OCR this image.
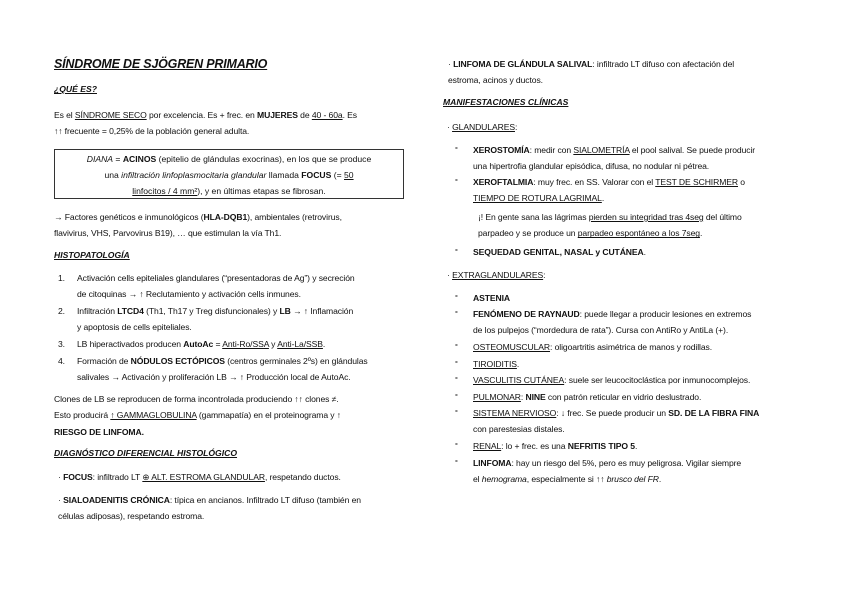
SÍNDROME DE SJÖGREN PRIMARIO
¿QUÉ ES?
Es el SÍNDROME SECO por excelencia. Es + frec. en MUJERES de 40 - 60a. Es
↑↑ frecuente = 0,25% de la población general adulta.
DIANA = ACINOS (epitelio de glándulas exocrinas), en los que se produce
una infiltración linfoplasmocitaria glandular llamada FOCUS (= 50
linfocitos / 4 mm²), y en últimas etapas se fibrosan.
→ Factores genéticos e inmunológicos (HLA-DQB1), ambientales (retrovirus,
flavivirus, VHS, Parvovirus B19), … que estimulan la vía Th1.
HISTOPATOLOGÍA
1. Activación cells epiteliales glandulares (“presentadoras de Ag”) y secreción
de citoquinas → ↑ Reclutamiento y activación cells inmunes.
2. Infiltración LTCD4 (Th1, Th17 y Treg disfuncionales) y LB → ↑ Inflamación
y apoptosis de cells epiteliales.
3. LB hiperactivados producen AutoAc = Anti-Ro/SSA y Anti-La/SSB.
4. Formación de NÓDULOS ECTÓPICOS (centros germinales 2ºs) en glándulas
salivales → Activación y proliferación LB → ↑ Producción local de AutoAc.
Clones de LB se reproducen de forma incontrolada produciendo ↑↑ clones ≠.
Esto producirá ↑ GAMMAGLOBULINA (gammapatía) en el proteinograma y ↑
RIESGO DE LINFOMA.
DIAGNÓSTICO DIFERENCIAL HISTOLÓGICO
· FOCUS: infiltrado LT ⊕ ALT. ESTROMA GLANDULAR, respetando ductos.
· SIALOADENITIS CRÓNICA: típica en ancianos. Infiltrado LT difuso (también en
células adiposas), respetando estroma.
· LINFOMA DE GLÁNDULA SALIVAL: infiltrado LT difuso con afectación del
estroma, acinos y ductos.
MANIFESTACIONES CLÍNICAS
· GLANDULARES:
- XEROSTOMÍA: medir con SIALOMETRÍA el pool salival. Se puede producir
una hipertrofia glandular episódica, difusa, no nodular ni pétrea.
- XEROFTALMIA: muy frec. en SS. Valorar con el TEST DE SCHIRMER o
TIEMPO DE ROTURA LAGRIMAL.
¡! En gente sana las lágrimas pierden su integridad tras 4seg del último
parpadeo y se produce un parpadeo espontáneo a los 7seg.
- SEQUEDAD GENITAL, NASAL y CUTÁNEA.
· EXTRAGLANDULARES:
- ASTENIA
- FENÓMENO DE RAYNAUD: puede llegar a producir lesiones en extremos
de los pulpejos (“mordedura de rata”). Cursa con AntiRo y AntiLa (+).
- OSTEOMUSCULAR: oligoartritis asimétrica de manos y rodillas.
- TIROIDITIS.
- VASCULITIS CUTÁNEA: suele ser leucocitoclástica por inmunocomplejos.
- PULMONAR: NINE con patrón reticular en vidrio deslustrado.
- SISTEMA NERVIOSO: ↓ frec. Se puede producir un SD. DE LA FIBRA FINA
con parestesias distales.
- RENAL: lo + frec. es una NEFRITIS TIPO 5.
- LINFOMA: hay un riesgo del 5%, pero es muy peligrosa. Vigilar siempre
el hemograma, especialmente si ↑↑ brusco del FR.
